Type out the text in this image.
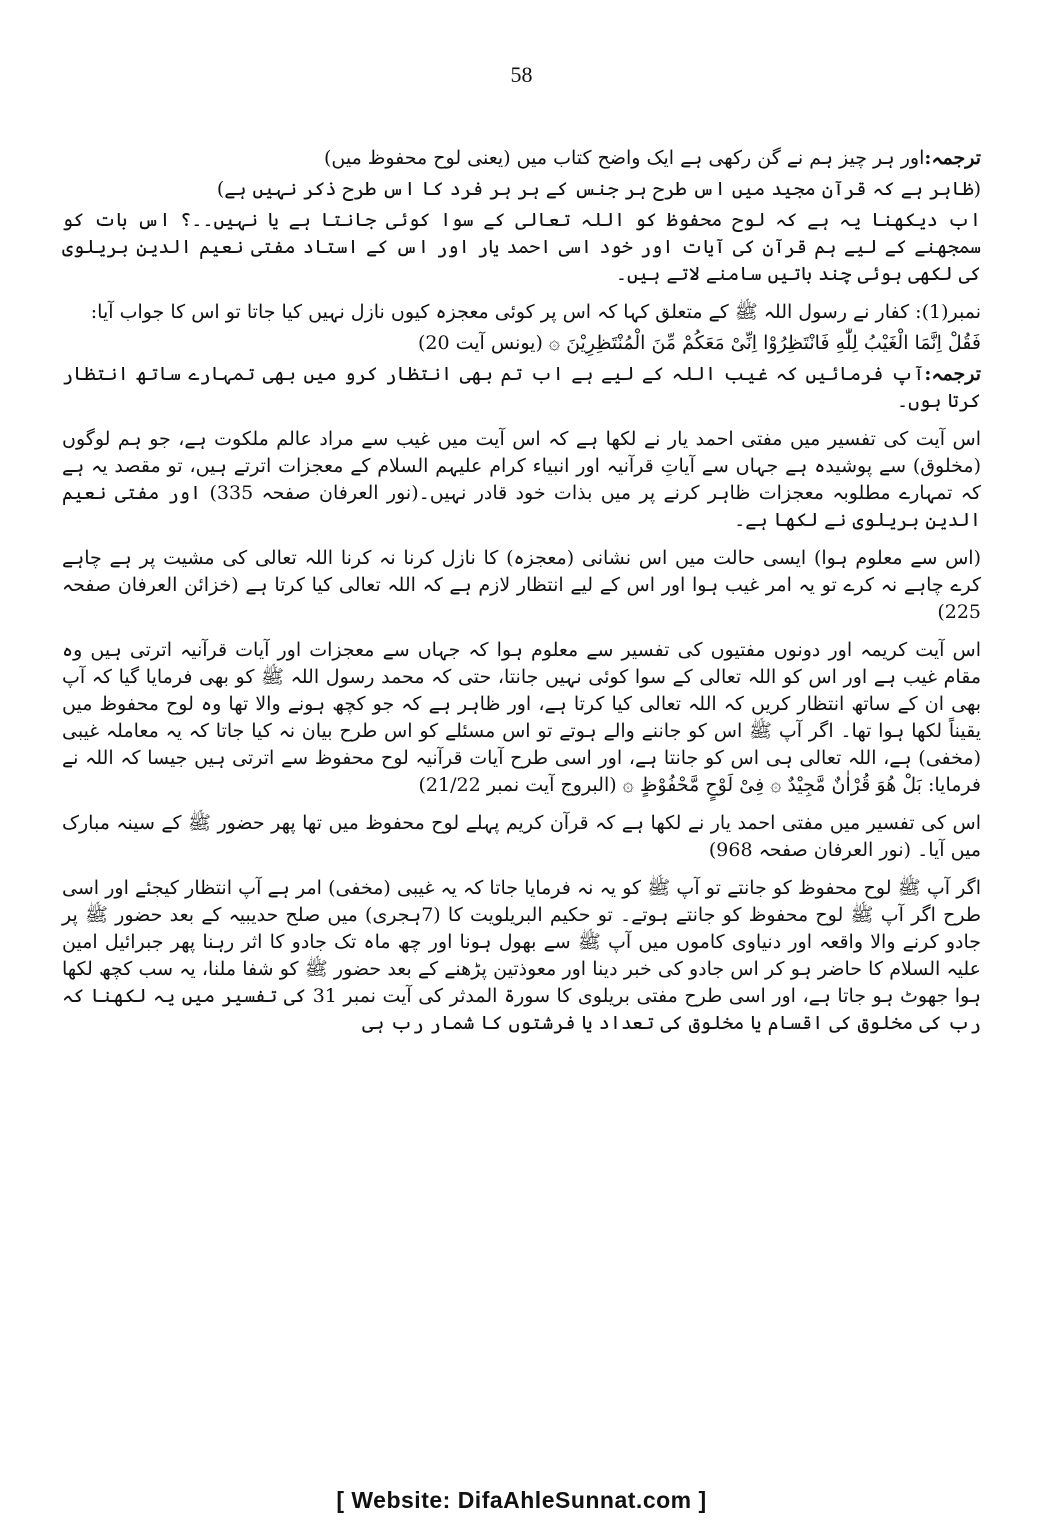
58

ترجمہ:اور ہر چیز ہم نے گن رکھی ہے ایک واضح کتاب میں (یعنی لوح محفوظ میں)

(ظاہر ہے کہ قرآن مجید میں اس طرح ہر جنس کے ہر ہر فرد کا اس طرح ذکر نہیں ہے)

اب دیکھنا یہ ہے کہ لوح محفوظ کو اللہ تعالی کے سوا کوئی جانتا ہے یا نہیں۔۔؟ اس بات کو سمجھنے کے لیے ہم قرآن کی آیات اور خود اسی احمد یار اور اس کے استاد مفتی نعیم الدین بریلوی کی لکھی ہوئی چند باتیں سامنے لاتے ہیں۔

نمبر(1): کفار نے رسول اللہ ﷺ کے متعلق کہا کہ اس پر کوئی معجزہ کیوں نازل نہیں کیا جاتا تو اس کا جواب آیا:

فَقُلْ اِنَّمَا الْغَیْبُ لِلّٰهِ فَانْتَظِرُوْا اِنِّیْ مَعَكُمْ مِّنَ الْمُنْتَظِرِیْنَ ۞ (یونس آیت 20)

ترجمہ:آپ فرمائیں کہ غیب اللہ کے لیے ہے اب تم بھی انتظار کرو میں بھی تمہارے ساتھ انتظار کرتا ہوں۔

اس آیت کی تفسیر میں مفتی احمد یار نے لکھا ہے کہ اس آیت میں غیب سے مراد عالم ملکوت ہے، جو ہم لوگوں (مخلوق) سے پوشیدہ ہے جہاں سے آیاتِ قرآنیہ اور انبیاء کرام علیہم السلام کے معجزات اترتے ہیں، تو مقصد یہ ہے کہ تمہارے مطلوبہ معجزات ظاہر کرنے پر میں بذات خود قادر نہیں۔(نور العرفان صفحہ 335) اور مفتی نعیم الدین بریلوی نے لکھا ہے۔

(اس سے معلوم ہوا) ایسی حالت میں اس نشانی (معجزہ) کا نازل کرنا نہ کرنا اللہ تعالی کی مشیت پر ہے چاہے کرے چاہے نہ کرے تو یہ امر غیب ہوا اور اس کے لیے انتظار لازم ہے کہ اللہ تعالی کیا کرتا ہے (خزائن العرفان صفحہ 225)

اس آیت کریمہ اور دونوں مفتیوں کی تفسیر سے معلوم ہوا کہ جہاں سے معجزات اور آیات قرآنیہ اترتی ہیں وہ مقام غیب ہے اور اس کو اللہ تعالی کے سوا کوئی نہیں جانتا، حتی کہ محمد رسول اللہ ﷺ کو بھی فرمایا گیا کہ آپ بھی ان کے ساتھ انتظار کریں کہ اللہ تعالی کیا کرتا ہے، اور ظاہر ہے کہ جو کچھ ہونے والا تھا وہ لوح محفوظ میں یقیناً لکھا ہوا تھا۔ اگر آپ ﷺ اس کو جاننے والے ہوتے تو اس مسئلے کو اس طرح بیان نہ کیا جاتا کہ یہ معاملہ غیبی (مخفی) ہے، اللہ تعالی ہی اس کو جانتا ہے، اور اسی طرح آیات قرآنیہ لوح محفوظ سے اترتی ہیں جیسا کہ اللہ نے فرمایا: بَلْ هُوَ قُرْاٰنٌ مَّجِیْدٌ ۞ فِیْ لَوْحٍ مَّحْفُوْظٍ ۞ (البروج آیت نمبر 21/22)

اس کی تفسیر میں مفتی احمد یار نے لکھا ہے کہ قرآن کریم پہلے لوح محفوظ میں تھا پھر حضور ﷺ کے سینہ مبارک میں آیا۔ (نور العرفان صفحہ 968)

اگر آپ ﷺ لوح محفوظ کو جانتے تو آپ ﷺ کو یہ نہ فرمایا جاتا کہ یہ غیبی (مخفی) امر ہے آپ انتظار کیجئے اور اسی طرح اگر آپ ﷺ لوح محفوظ کو جانتے ہوتے۔ تو حکیم البریلویت کا (7ہجری) میں صلح حدیبیہ کے بعد حضور ﷺ پر جادو کرنے والا واقعہ اور دنیاوی کاموں میں آپ ﷺ سے بھول ہونا اور چھ ماہ تک جادو کا اثر رہنا پھر جبرائیل امین علیہ السلام کا حاضر ہو کر اس جادو کی خبر دینا اور معوذتین پڑھنے کے بعد حضور ﷺ کو شفا ملنا، یہ سب کچھ لکھا ہوا جھوٹ ہو جاتا ہے، اور اسی طرح مفتی بریلوی کا سورۃ المدثر کی آیت نمبر 31 کی تفسیر میں یہ لکھنا کہ رب کی مخلوق کی اقسام یا مخلوق کی تعداد یا فرشتوں کا شمار رب ہی

[ Website: DifaAhleSunnat.com ]
